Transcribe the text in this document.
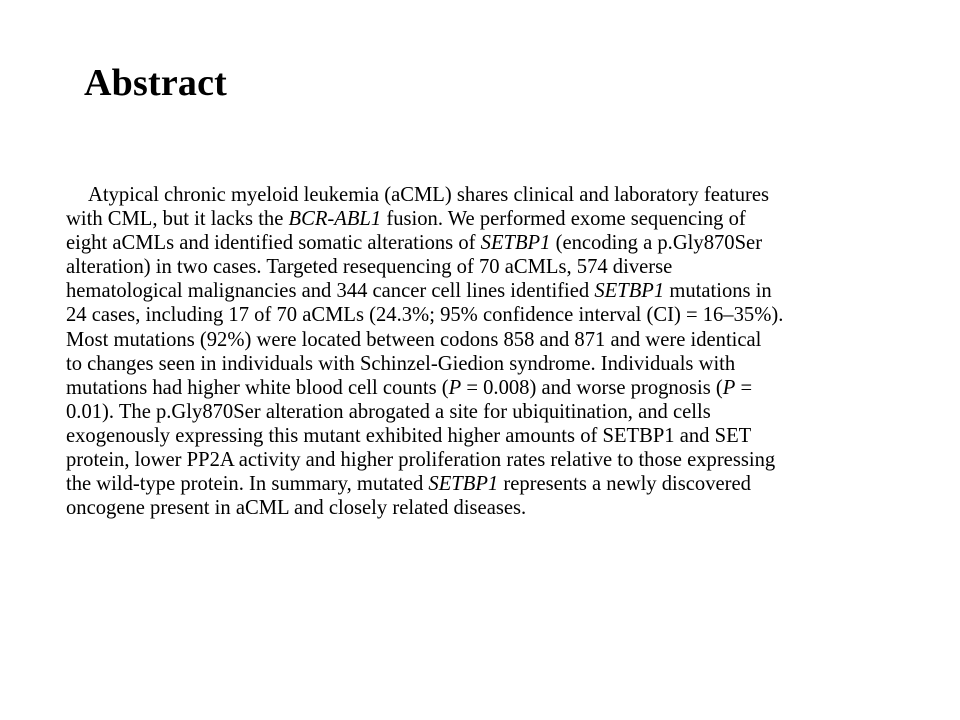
Abstract
Atypical chronic myeloid leukemia (aCML) shares clinical and laboratory features
with CML, but it lacks the BCR-ABL1 fusion. We performed exome sequencing of
eight aCMLs and identified somatic alterations of SETBP1 (encoding a p.Gly870Ser
alteration) in two cases. Targeted resequencing of 70 aCMLs, 574 diverse
hematological malignancies and 344 cancer cell lines identified SETBP1 mutations in
24 cases, including 17 of 70 aCMLs (24.3%; 95% confidence interval (CI) = 16–35%).
Most mutations (92%) were located between codons 858 and 871 and were identical
to changes seen in individuals with Schinzel-Giedion syndrome. Individuals with
mutations had higher white blood cell counts (P = 0.008) and worse prognosis (P =
0.01). The p.Gly870Ser alteration abrogated a site for ubiquitination, and cells
exogenously expressing this mutant exhibited higher amounts of SETBP1 and SET
protein, lower PP2A activity and higher proliferation rates relative to those expressing
the wild-type protein. In summary, mutated SETBP1 represents a newly discovered
oncogene present in aCML and closely related diseases.
